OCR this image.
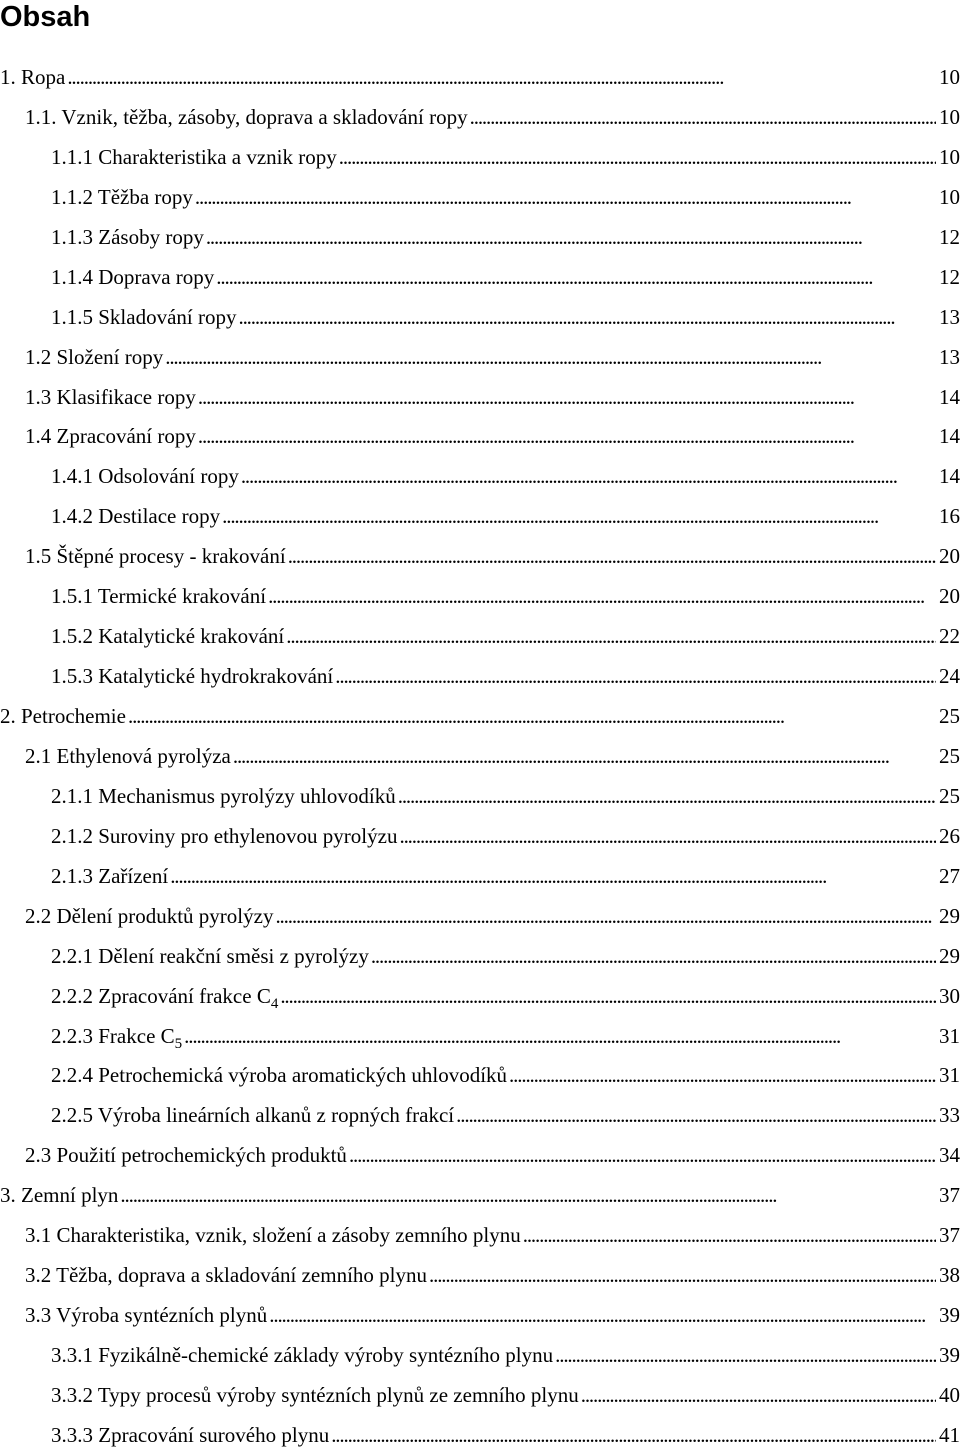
Obsah
1. Ropa . . .	10
1.1. Vznik, těžba, zásoby, doprava a skladování ropy . . .	10
1.1.1 Charakteristika a vznik ropy . . .	10
1.1.2 Těžba ropy . . .	10
1.1.3 Zásoby ropy . . .	12
1.1.4 Doprava ropy . . .	12
1.1.5 Skladování ropy . . .	13
1.2 Složení ropy . . .	13
1.3 Klasifikace ropy . . .	14
1.4 Zpracování ropy . . .	14
1.4.1 Odsolování ropy . . .	14
1.4.2 Destilace ropy . . .	16
1.5 Štěpné procesy - krakování . . .	20
1.5.1 Termické krakování . . .	20
1.5.2 Katalytické krakování . . .	22
1.5.3 Katalytické hydrokrakování . . .	24
2. Petrochemie . . .	25
2.1 Ethylenová pyrolýza . . .	25
2.1.1 Mechanismus pyrolýzy uhlovodíků . . .	25
2.1.2 Suroviny pro ethylenovou pyrolýzu . . .	26
2.1.3 Zařízení . . .	27
2.2 Dělení produktů pyrolýzy . . .	29
2.2.1 Dělení reakční směsi z pyrolýzy . . .	29
2.2.2 Zpracování frakce $C_4$ . . .	30
2.2.3 Frakce $C_5$ . . .	31
2.2.4 Petrochemická výroba aromatických uhlovodíků . . .	31
2.2.5 Výroba lineárních alkanů z ropných frakcí . . .	33
2.3 Použití petrochemických produktů . . .	34
3. Zemní plyn . . .	37
3.1 Charakteristika, vznik, složení a zásoby zemního plynu . . .	37
3.2 Těžba, doprava a skladování zemního plynu . . .	38
3.3 Výroba syntézních plynů . . .	39
3.3.1 Fyzikálně-chemické základy výroby syntézního plynu . . .	39
3.3.2 Typy procesů výroby syntézních plynů ze zemního plynu . . .	40
3.3.3 Zpracování surového plynu . . .	41
